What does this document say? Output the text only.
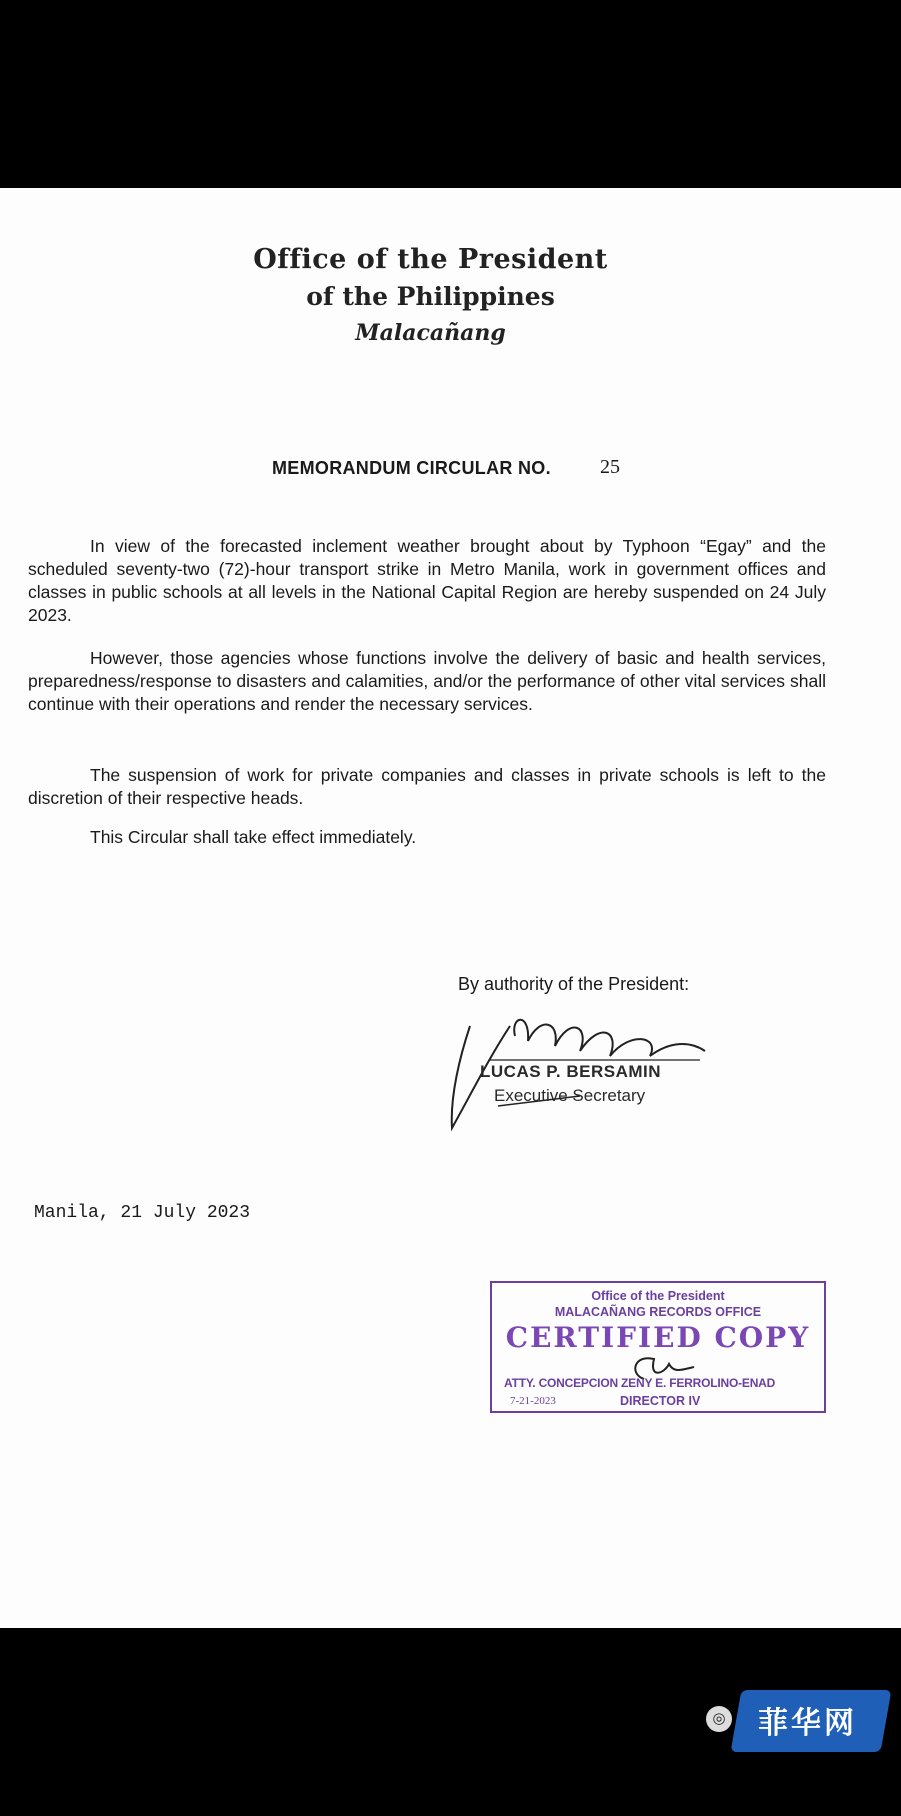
Office of the President
of the Philippines
Malacañang
MEMORANDUM CIRCULAR NO. 25
In view of the forecasted inclement weather brought about by Typhoon “Egay” and the scheduled seventy-two (72)-hour transport strike in Metro Manila, work in government offices and classes in public schools at all levels in the National Capital Region are hereby suspended on 24 July 2023.
However, those agencies whose functions involve the delivery of basic and health services, preparedness/response to disasters and calamities, and/or the performance of other vital services shall continue with their operations and render the necessary services.
The suspension of work for private companies and classes in private schools is left to the discretion of their respective heads.
This Circular shall take effect immediately.
By authority of the President:
LUCAS P. BERSAMIN
Executive Secretary
Manila, 21 July 2023
Office of the President
MALACAÑANG RECORDS OFFICE
CERTIFIED COPY
ATTY. CONCEPCION ZENY E. FERROLINO-ENAD
7-21-2023	DIRECTOR IV
◎ 菲华网
